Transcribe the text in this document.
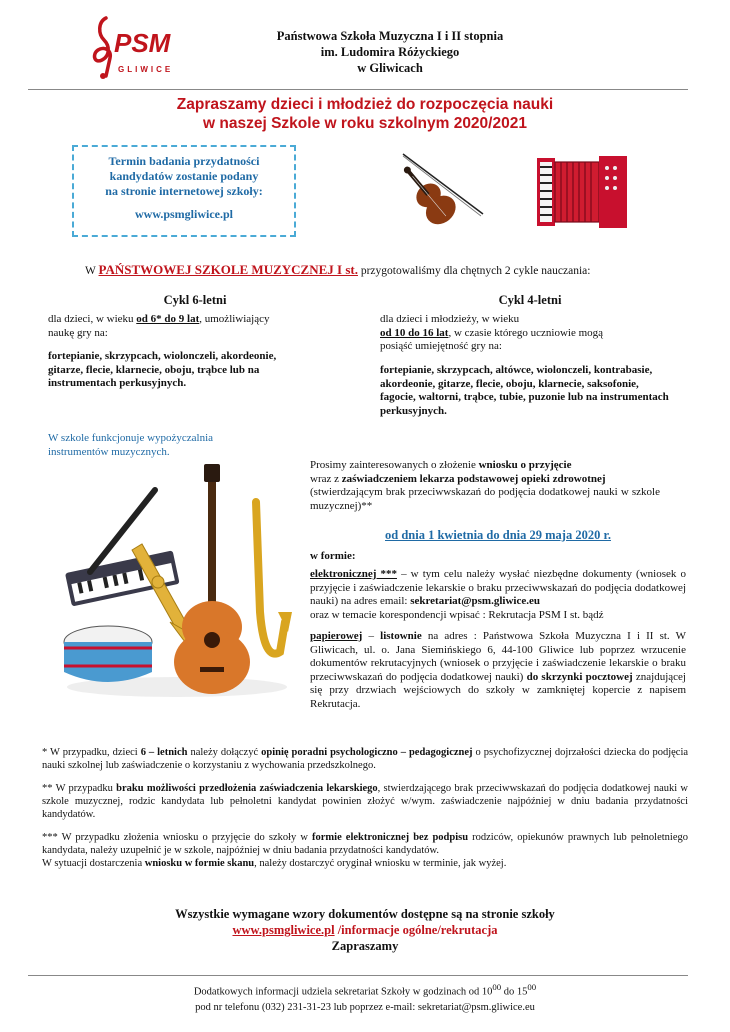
PSM
GLIWICE
Państwowa Szkoła Muzyczna I i II stopnia
im. Ludomira Różyckiego
w Gliwicach
Zapraszamy dzieci i młodzież do rozpoczęcia nauki
w naszej Szkole w roku szkolnym 2020/2021
Termin badania przydatności
kandydatów zostanie podany
na stronie internetowej szkoły:
www.psmgliwice.pl
W PAŃSTWOWEJ SZKOLE MUZYCZNEJ I st. przygotowaliśmy dla chętnych 2 cykle nauczania:
Cykl 6-letni
dla dzieci, w wieku od 6* do 9 lat, umożliwiający
naukę gry na:
fortepianie, skrzypcach, wiolonczeli, akordeonie, gitarze, flecie, klarnecie, oboju, trąbce lub na instrumentach perkusyjnych.
Cykl 4-letni
dla dzieci i młodzieży, w wieku
od 10 do 16 lat, w czasie którego uczniowie mogą
posiąść umiejętność gry na:
fortepianie, skrzypcach, altówce, wiolonczeli, kontrabasie, akordeonie, gitarze, flecie, oboju, klarnecie, saksofonie, fagocie, waltorni, trąbce, tubie, puzonie lub na instrumentach perkusyjnych.
W szkole funkcjonuje wypożyczalnia instrumentów muzycznych.
Prosimy zainteresowanych o złożenie wniosku o przyjęcie
wraz z zaświadczeniem lekarza podstawowej opieki zdrowotnej
(stwierdzającym brak przeciwwskazań do podjęcia dodatkowej nauki w szkole muzycznej)**
od dnia 1 kwietnia do dnia 29 maja 2020 r.
w formie:
elektronicznej *** – w tym celu należy wysłać niezbędne dokumenty (wniosek o przyjęcie i zaświadczenie lekarskie o braku przeciwwskazań do podjęcia dodatkowej nauki) na adres email: sekretariat@psm.gliwice.eu
oraz w temacie korespondencji wpisać : Rekrutacja PSM I st. bądź
papierowej – listownie na adres : Państwowa Szkoła Muzyczna I i II st. W Gliwicach, ul. o. Jana Siemińskiego 6, 44-100 Gliwice lub poprzez wrzucenie dokumentów rekrutacyjnych (wniosek o przyjęcie i zaświadczenie lekarskie o braku przeciwwskazań do podjęcia dodatkowej nauki) do skrzynki pocztowej znajdującej się przy drzwiach wejściowych do szkoły w zamkniętej kopercie z napisem Rekrutacja.

* W przypadku, dzieci 6 – letnich należy dołączyć opinię poradni psychologiczno – pedagogicznej o psychofizycznej dojrzałości dziecka do podjęcia nauki szkolnej lub zaświadczenie o korzystaniu z wychowania przedszkolnego.

** W przypadku braku możliwości przedłożenia zaświadczenia lekarskiego, stwierdzającego brak przeciwwskazań do podjęcia dodatkowej nauki w szkole muzycznej, rodzic kandydata lub pełnoletni kandydat powinien złożyć w/wym. zaświadczenie najpóźniej w dniu badania przydatności kandydatów.

*** W przypadku złożenia wniosku o przyjęcie do szkoły w formie elektronicznej bez podpisu rodziców, opiekunów prawnych lub pełnoletniego kandydata, należy uzupełnić je w szkole, najpóźniej w dniu badania przydatności kandydatów.

W sytuacji dostarczenia wniosku w formie skanu, należy dostarczyć oryginał wniosku w terminie, jak wyżej.

Wszystkie wymagane wzory dokumentów dostępne są na stronie szkoły
www.psmgliwice.pl /informacje ogólne/rekrutacja
Zapraszamy
Dodatkowych informacji udziela sekretariat Szkoły w godzinach od $10^{00}$ do $15^{00}$
pod nr telefonu (032) 231-31-23 lub poprzez e-mail: sekretariat@psm.gliwice.eu
